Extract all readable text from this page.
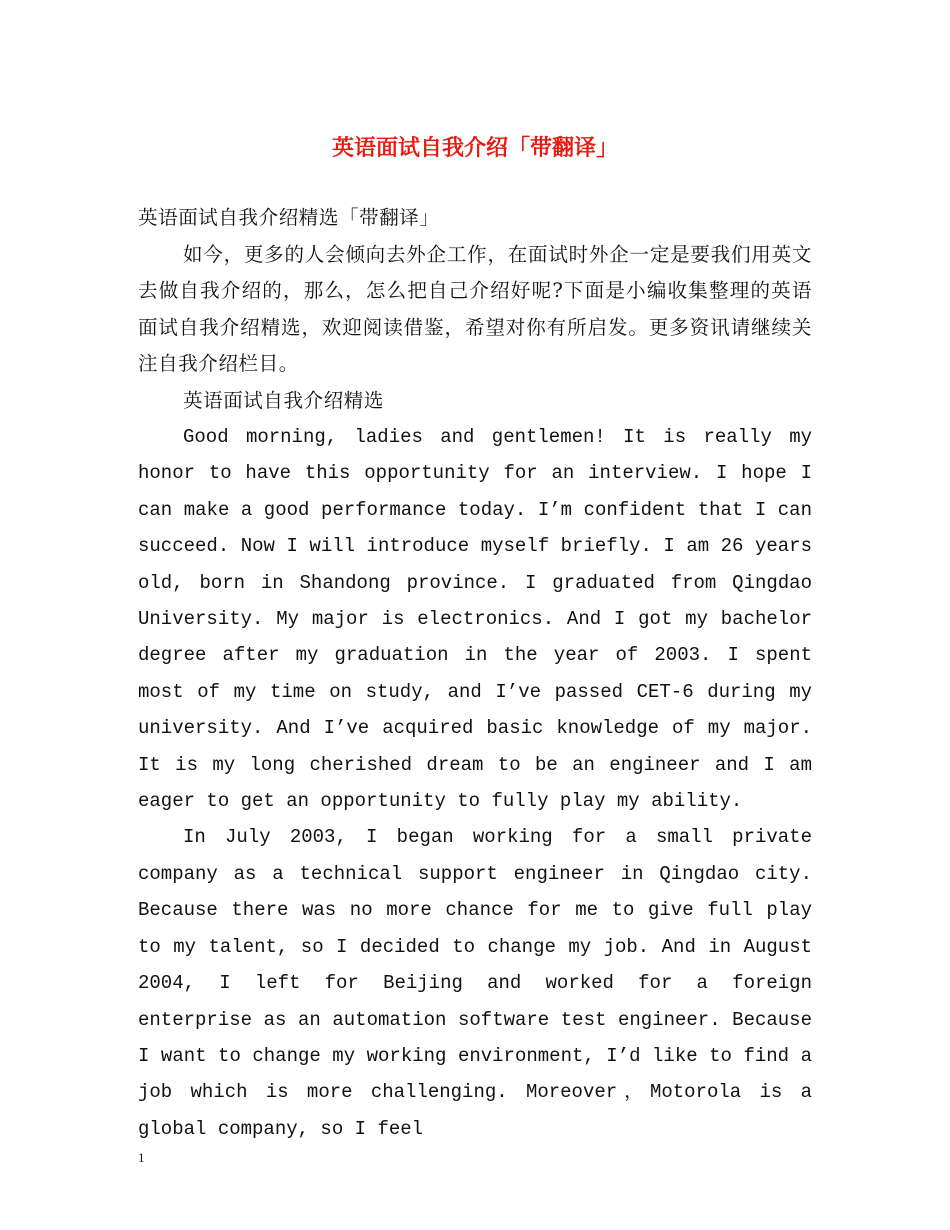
英语面试自我介绍「带翻译」

英语面试自我介绍精选「带翻译」

如今，更多的人会倾向去外企工作，在面试时外企一定是要我们用英文去做自我介绍的，那么，怎么把自己介绍好呢?下面是小编收集整理的英语面试自我介绍精选，欢迎阅读借鉴，希望对你有所启发。更多资讯请继续关注自我介绍栏目。

英语面试自我介绍精选

Good morning, ladies and gentlemen! It is really my honor to have this opportunity for an interview. I hope I can make a good performance today. I’m confident that I can succeed. Now I will introduce myself briefly. I am 26 years old, born in Shandong province. I graduated from Qingdao University. My major is electronics. And I got my bachelor degree after my graduation in the year of 2003. I spent most of my time on study, and I’ve passed CET-6 during my university. And I’ve acquired basic knowledge of my major. It is my long cherished dream to be an engineer and I am eager to get an opportunity to fully play my ability.

In July 2003, I began working for a small private company as a technical support engineer in Qingdao city. Because there was no more chance for me to give full play to my talent, so I decided to change my job. And in August 2004, I left for Beijing and worked for a foreign enterprise as an automation software test engineer. Because I want to change my working environment, I’d like to find a job which is more challenging. Moreover，Motorola is a global company, so I feel

1
